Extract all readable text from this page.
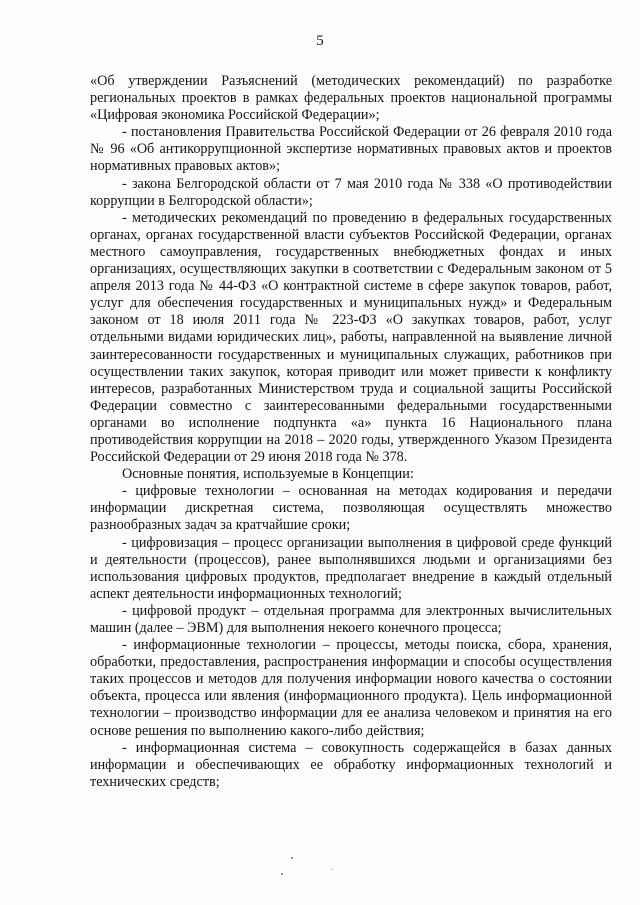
5

«Об утверждении Разъяснений (методических рекомендаций) по разработке региональных проектов в рамках федеральных проектов национальной программы «Цифровая экономика Российской Федерации»;

- постановления Правительства Российской Федерации от 26 февраля 2010 года № 96 «Об антикоррупционной экспертизе нормативных правовых актов и проектов нормативных правовых актов»;

- закона Белгородской области от 7 мая 2010 года № 338 «О противодействии коррупции в Белгородской области»;

- методических рекомендаций по проведению в федеральных государственных органах, органах государственной власти субъектов Российской Федерации, органах местного самоуправления, государственных внебюджетных фондах и иных организациях, осуществляющих закупки в соответствии с Федеральным законом от 5 апреля 2013 года № 44-ФЗ «О контрактной системе в сфере закупок товаров, работ, услуг для обеспечения государственных и муниципальных нужд» и Федеральным законом от 18 июля 2011 года № 223-ФЗ «О закупках товаров, работ, услуг отдельными видами юридических лиц», работы, направленной на выявление личной заинтересованности государственных и муниципальных служащих, работников при осуществлении таких закупок, которая приводит или может привести к конфликту интересов, разработанных Министерством труда и социальной защиты Российской Федерации совместно с заинтересованными федеральными государственными органами во исполнение подпункта «а» пункта 16 Национального плана противодействия коррупции на 2018 – 2020 годы, утвержденного Указом Президента Российской Федерации от 29 июня 2018 года № 378.

Основные понятия, используемые в Концепции:

- цифровые технологии – основанная на методах кодирования и передачи информации дискретная система, позволяющая осуществлять множество разнообразных задач за кратчайшие сроки;

- цифровизация – процесс организации выполнения в цифровой среде функций и деятельности (процессов), ранее выполнявшихся людьми и организациями без использования цифровых продуктов, предполагает внедрение в каждый отдельный аспект деятельности информационных технологий;

- цифровой продукт – отдельная программа для электронных вычислительных машин (далее – ЭВМ) для выполнения некоего конечного процесса;

- информационные технологии – процессы, методы поиска, сбора, хранения, обработки, предоставления, распространения информации и способы осуществления таких процессов и методов для получения информации нового качества о состоянии объекта, процесса или явления (информационного продукта). Цель информационной технологии – производство информации для ее анализа человеком и принятия на его основе решения по выполнению какого-либо действия;

- информационная система – совокупность содержащейся в базах данных информации и обеспечивающих ее обработку информационных технологий и технических средств;
